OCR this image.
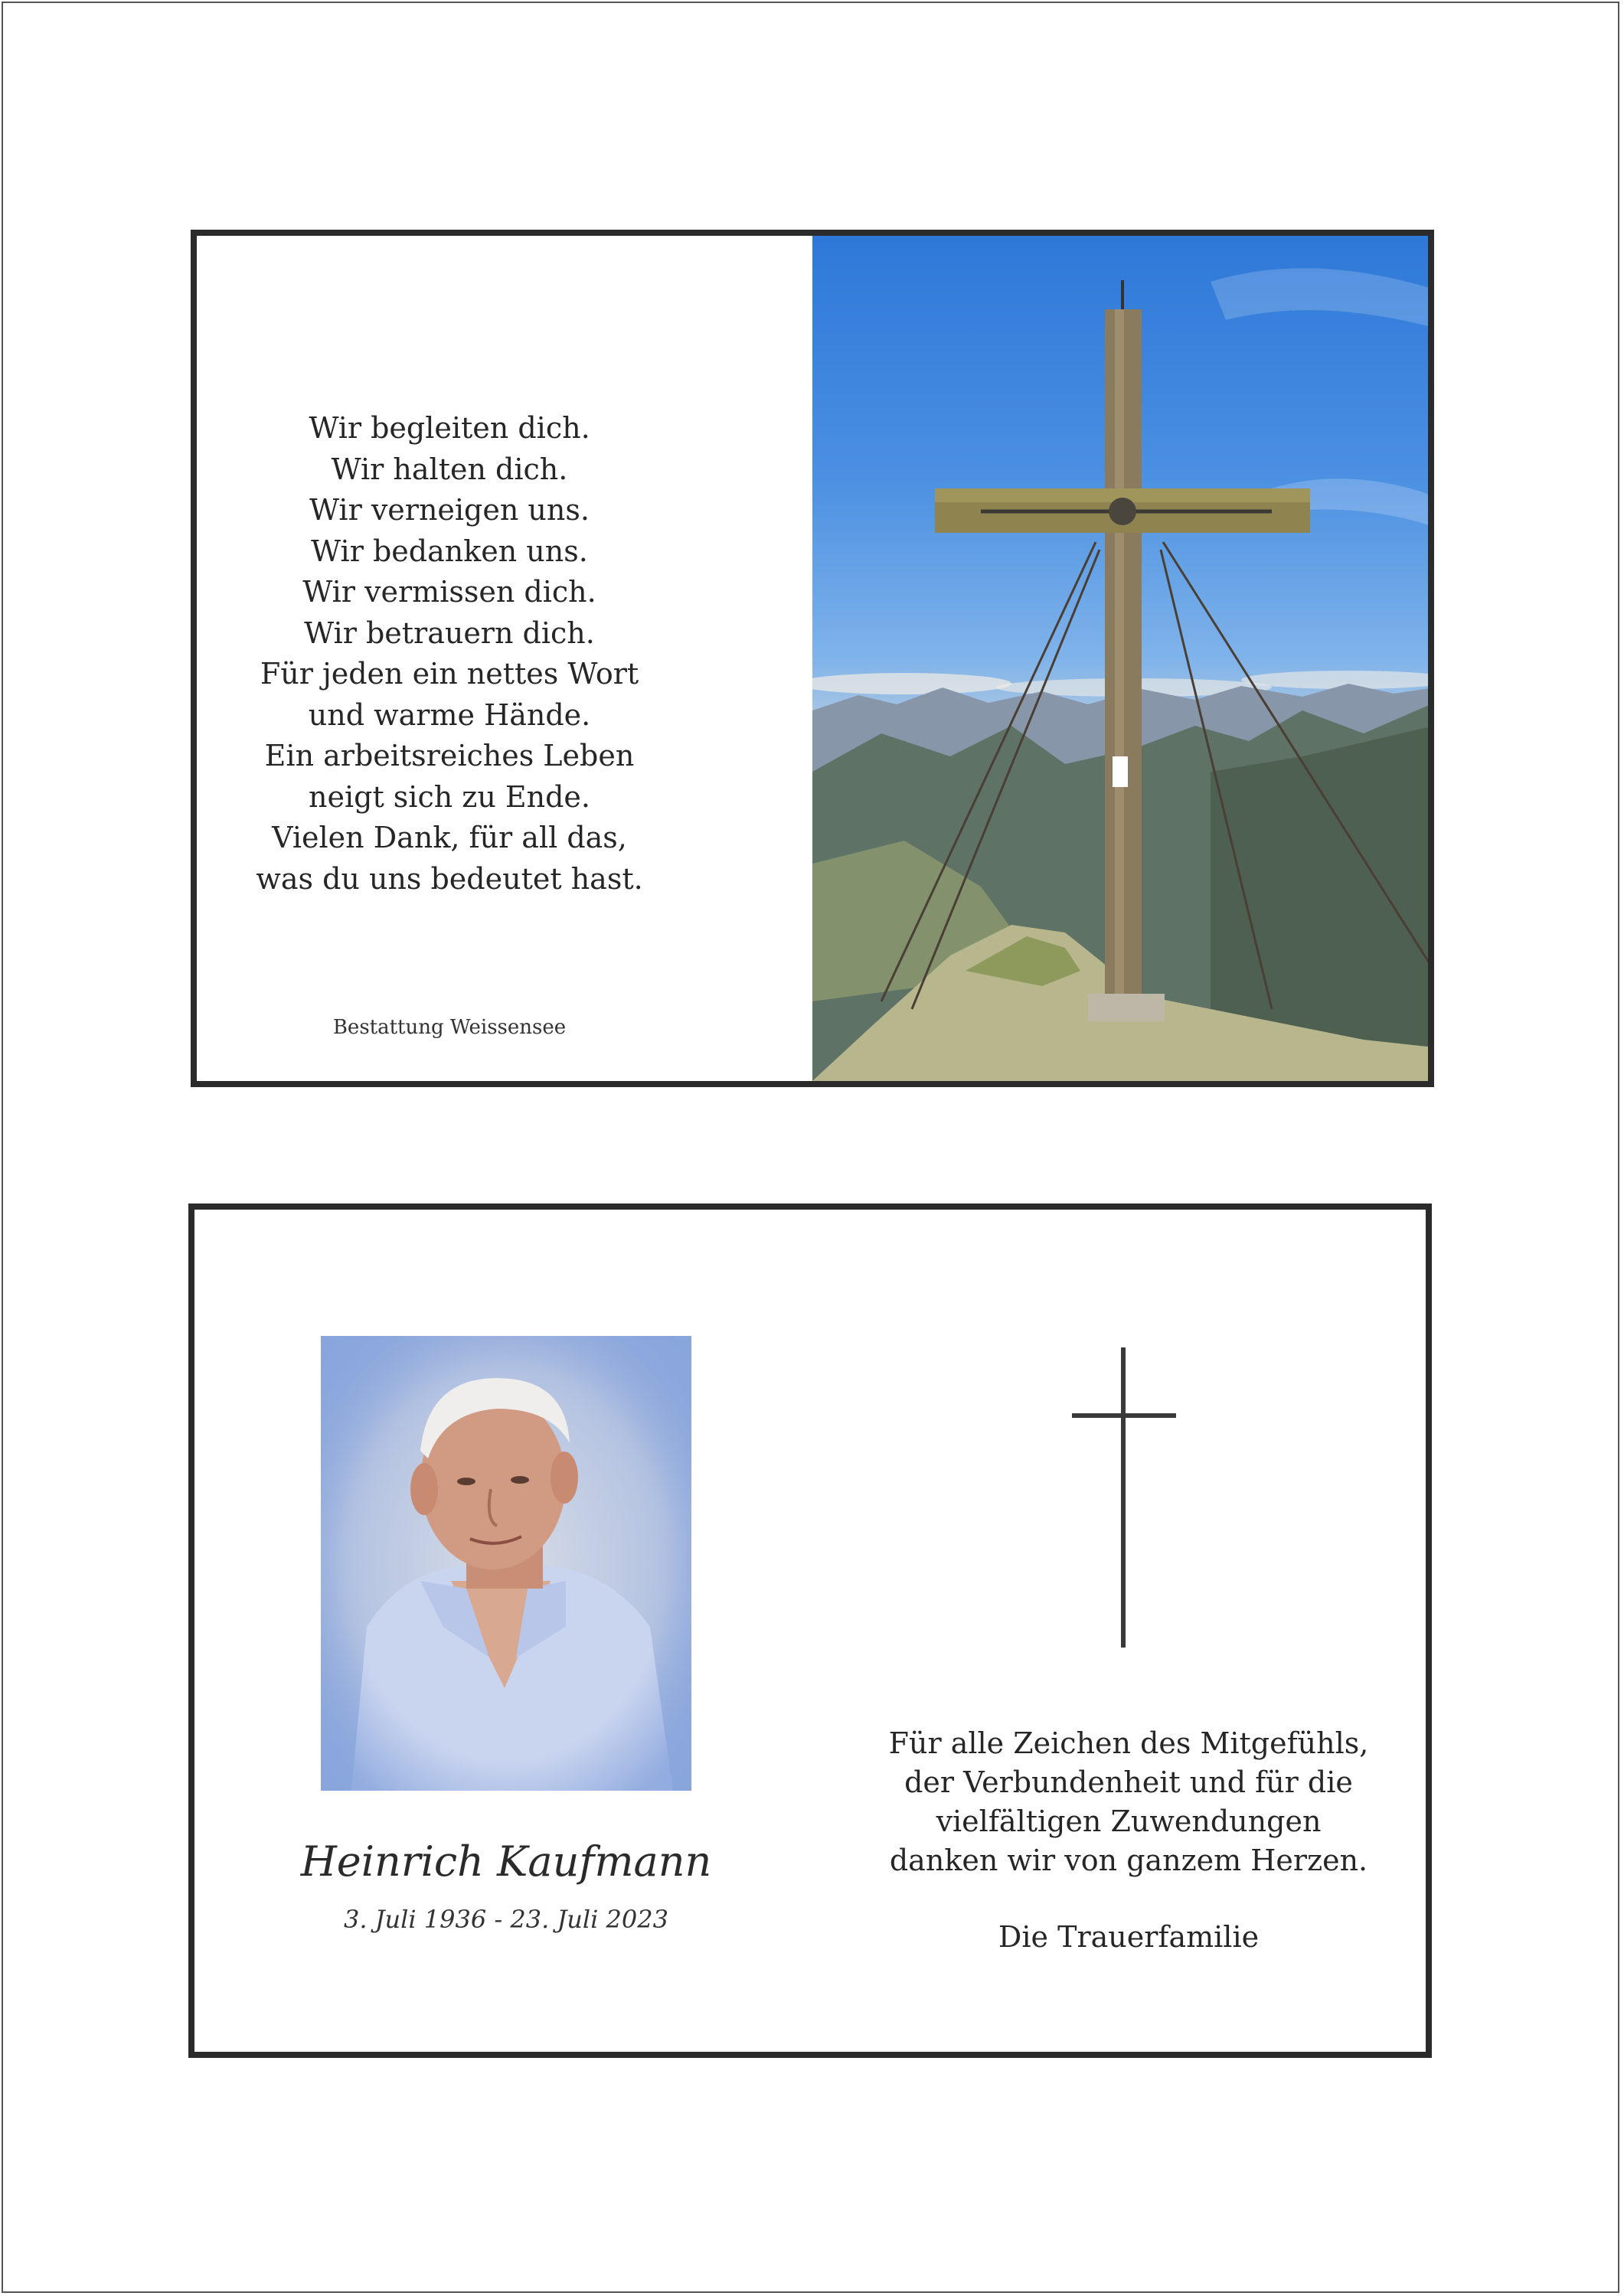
Wir begleiten dich.
Wir halten dich.
Wir verneigen uns.
Wir bedanken uns.
Wir vermissen dich.
Wir betrauern dich.
Für jeden ein nettes Wort
und warme Hände.
Ein arbeitsreiches Leben
neigt sich zu Ende.
Vielen Dank, für all das,
was du uns bedeutet hast.
Bestattung Weissensee
Heinrich Kaufmann
3. Juli 1936 - 23. Juli 2023
Für alle Zeichen des Mitgefühls,
der Verbundenheit und für die
vielfältigen Zuwendungen
danken wir von ganzem Herzen.
Die Trauerfamilie
